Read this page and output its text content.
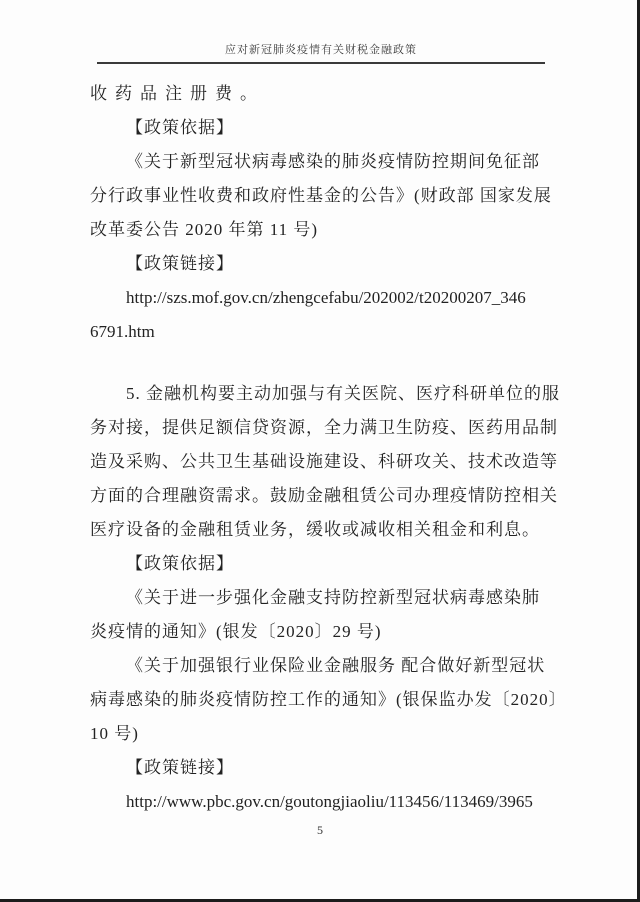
应对新冠肺炎疫情有关财税金融政策
收药品注册费。
【政策依据】
《关于新型冠状病毒感染的肺炎疫情防控期间免征部
分行政事业性收费和政府性基金的公告》(财政部 国家发展
改革委公告 2020 年第 11 号)
【政策链接】
http://szs.mof.gov.cn/zhengcefabu/202002/t20200207_346
6791.htm
5. 金融机构要主动加强与有关医院、医疗科研单位的服
务对接，提供足额信贷资源，全力满卫生防疫、医药用品制
造及采购、公共卫生基础设施建设、科研攻关、技术改造等
方面的合理融资需求。鼓励金融租赁公司办理疫情防控相关
医疗设备的金融租赁业务，缓收或减收相关租金和利息。
【政策依据】
《关于进一步强化金融支持防控新型冠状病毒感染肺
炎疫情的通知》(银发〔2020〕29 号)
《关于加强银行业保险业金融服务 配合做好新型冠状
病毒感染的肺炎疫情防控工作的通知》(银保监办发〔2020〕
10 号)
【政策链接】
http://www.pbc.gov.cn/goutongjiaoliu/113456/113469/3965
5
